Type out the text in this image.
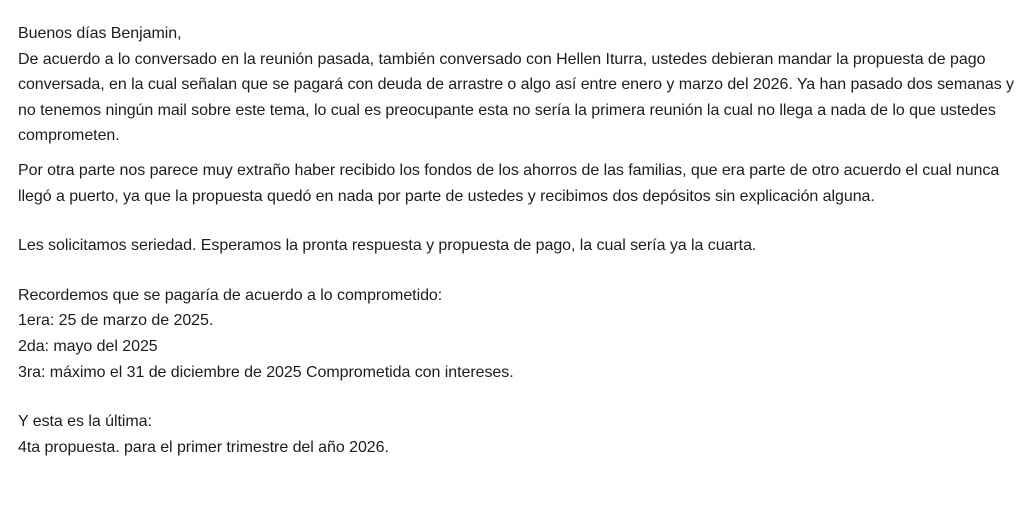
Buenos días Benjamin,

De acuerdo a lo conversado en la reunión pasada, también conversado con Hellen Iturra, ustedes debieran mandar la propuesta de pago conversada, en la cual señalan que se pagará con deuda de arrastre o algo así entre enero y marzo del 2026. Ya han pasado dos semanas y no tenemos ningún mail sobre este tema, lo cual es preocupante esta no sería la primera reunión la cual no llega a nada de lo que ustedes comprometen.

Por otra parte nos parece muy extraño haber recibido los fondos de los ahorros de las familias, que era parte de otro acuerdo el cual nunca llegó a puerto, ya que la propuesta quedó en nada por parte de ustedes y recibimos dos depósitos sin explicación alguna.

Les solicitamos seriedad. Esperamos la pronta respuesta y propuesta de pago, la cual sería ya la cuarta.

Recordemos que se pagaría de acuerdo a lo comprometido:

1era: 25 de marzo de 2025.

2da: mayo del 2025

3ra: máximo el 31 de diciembre de 2025 Comprometida con intereses.

Y esta es la última:

4ta propuesta. para el primer trimestre del año 2026.
